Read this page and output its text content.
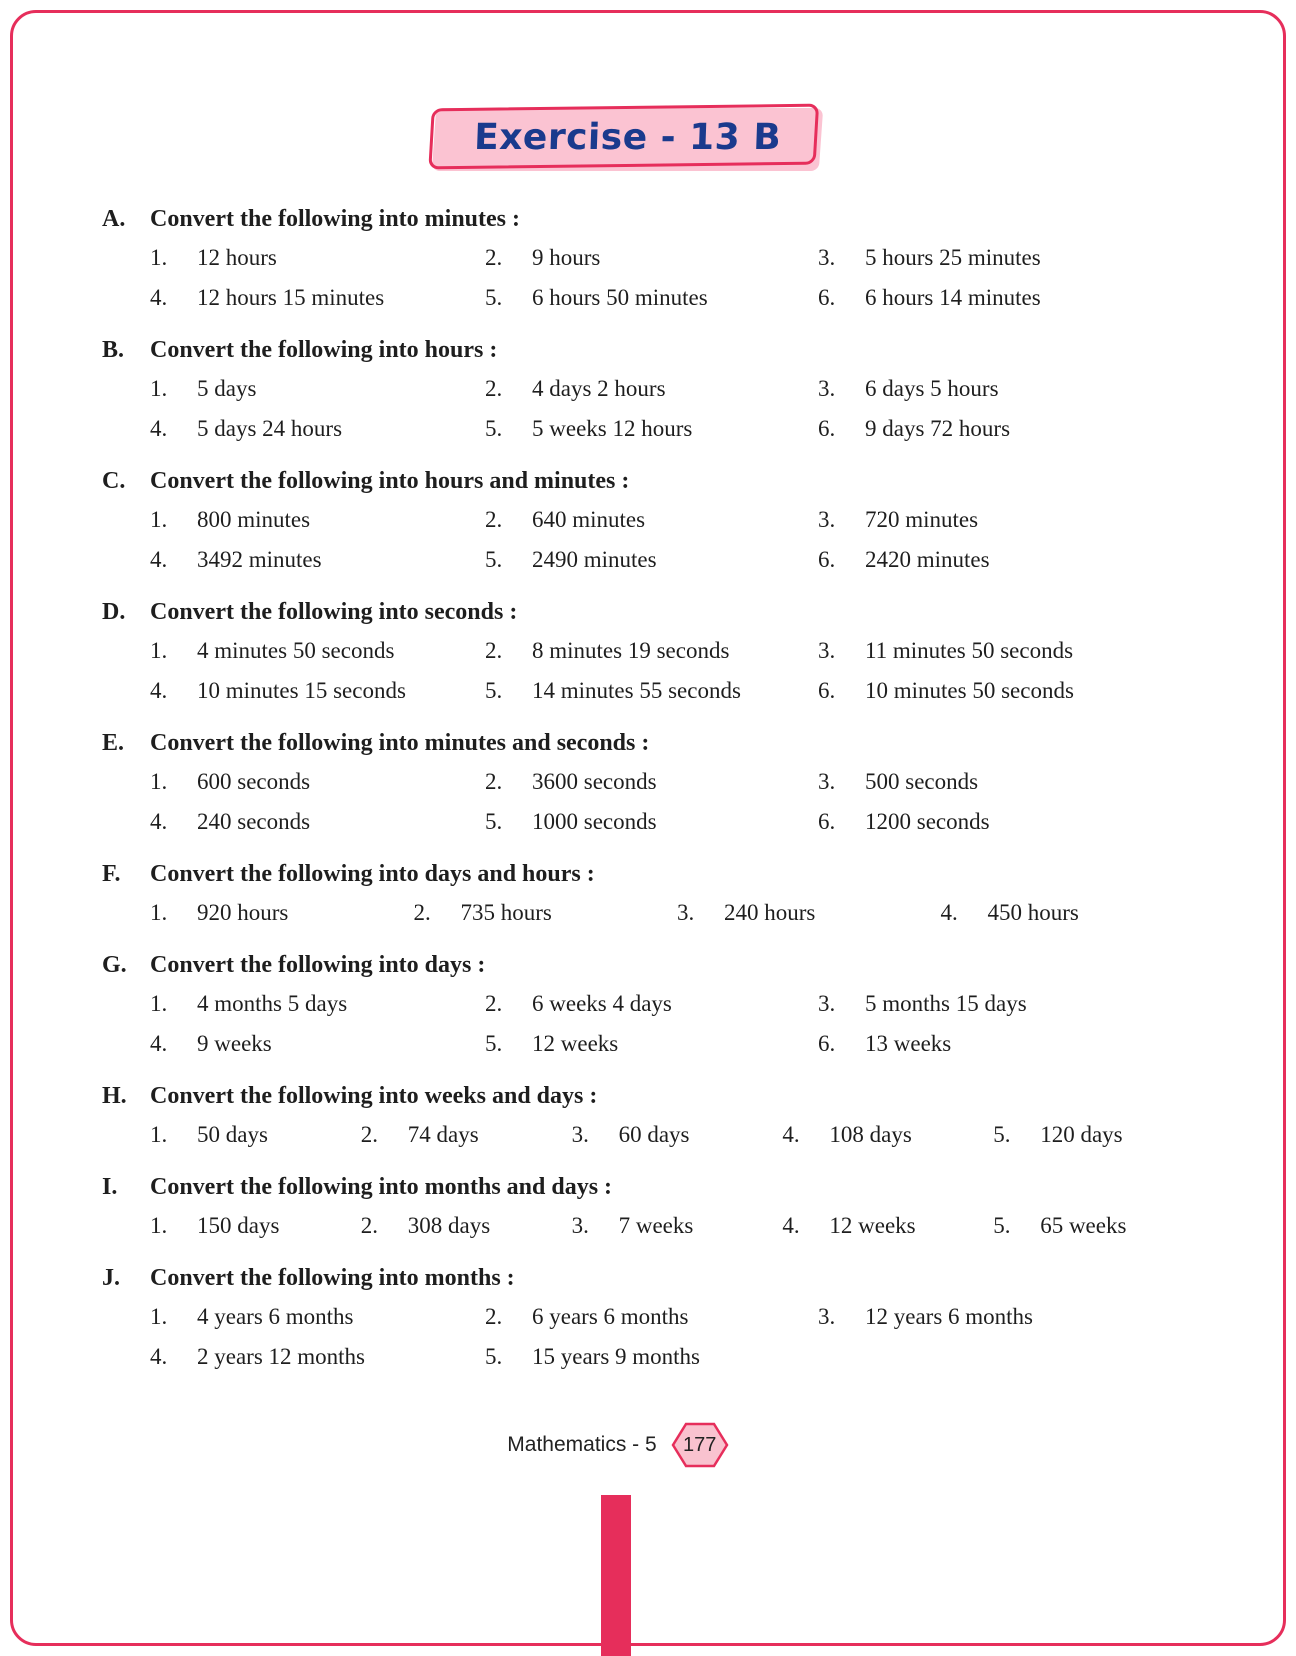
Exercise - 13 B
A.	Convert the following into minutes :
1.	12 hours	2.	9 hours	3.	5 hours 25 minutes
4.	12 hours 15 minutes	5.	6 hours 50 minutes	6.	6 hours 14 minutes
B.	Convert the following into hours :
1.	5 days	2.	4 days 2 hours	3.	6 days 5 hours
4.	5 days 24 hours	5.	5 weeks 12 hours	6.	9 days 72 hours
C.	Convert the following into hours and minutes :
1.	800 minutes	2.	640 minutes	3.	720 minutes
4.	3492 minutes	5.	2490 minutes	6.	2420 minutes
D.	Convert the following into seconds :
1.	4 minutes 50 seconds	2.	8 minutes 19 seconds	3.	11 minutes 50 seconds
4.	10 minutes 15 seconds	5.	14 minutes 55 seconds	6.	10 minutes 50 seconds
E.	Convert the following into minutes and seconds :
1.	600 seconds	2.	3600 seconds	3.	500 seconds
4.	240 seconds	5.	1000 seconds	6.	1200 seconds
F.	Convert the following into days and hours :
1.	920 hours	2.	735 hours	3.	240 hours	4.	450 hours
G. Convert the following into days :
1.	4 months 5 days	2.	6 weeks 4 days	3.	5 months 15 days
4.	9 weeks	5.	12 weeks	6.	13 weeks
H. Convert the following into weeks and days :
1.	50 days	2.	74 days	3.	60 days	4.	108 days	5.	120 days
I.	Convert the following into months and days :
1.	150 days	2.	308 days	3.	7 weeks	4.	12 weeks	5.	65 weeks
J.	Convert the following into months :
1.	4 years 6 months	2.	6 years 6 months	3.	12 years 6 months
4.	2 years 12 months	5.	15 years 9 months
Mathematics - 5 177
